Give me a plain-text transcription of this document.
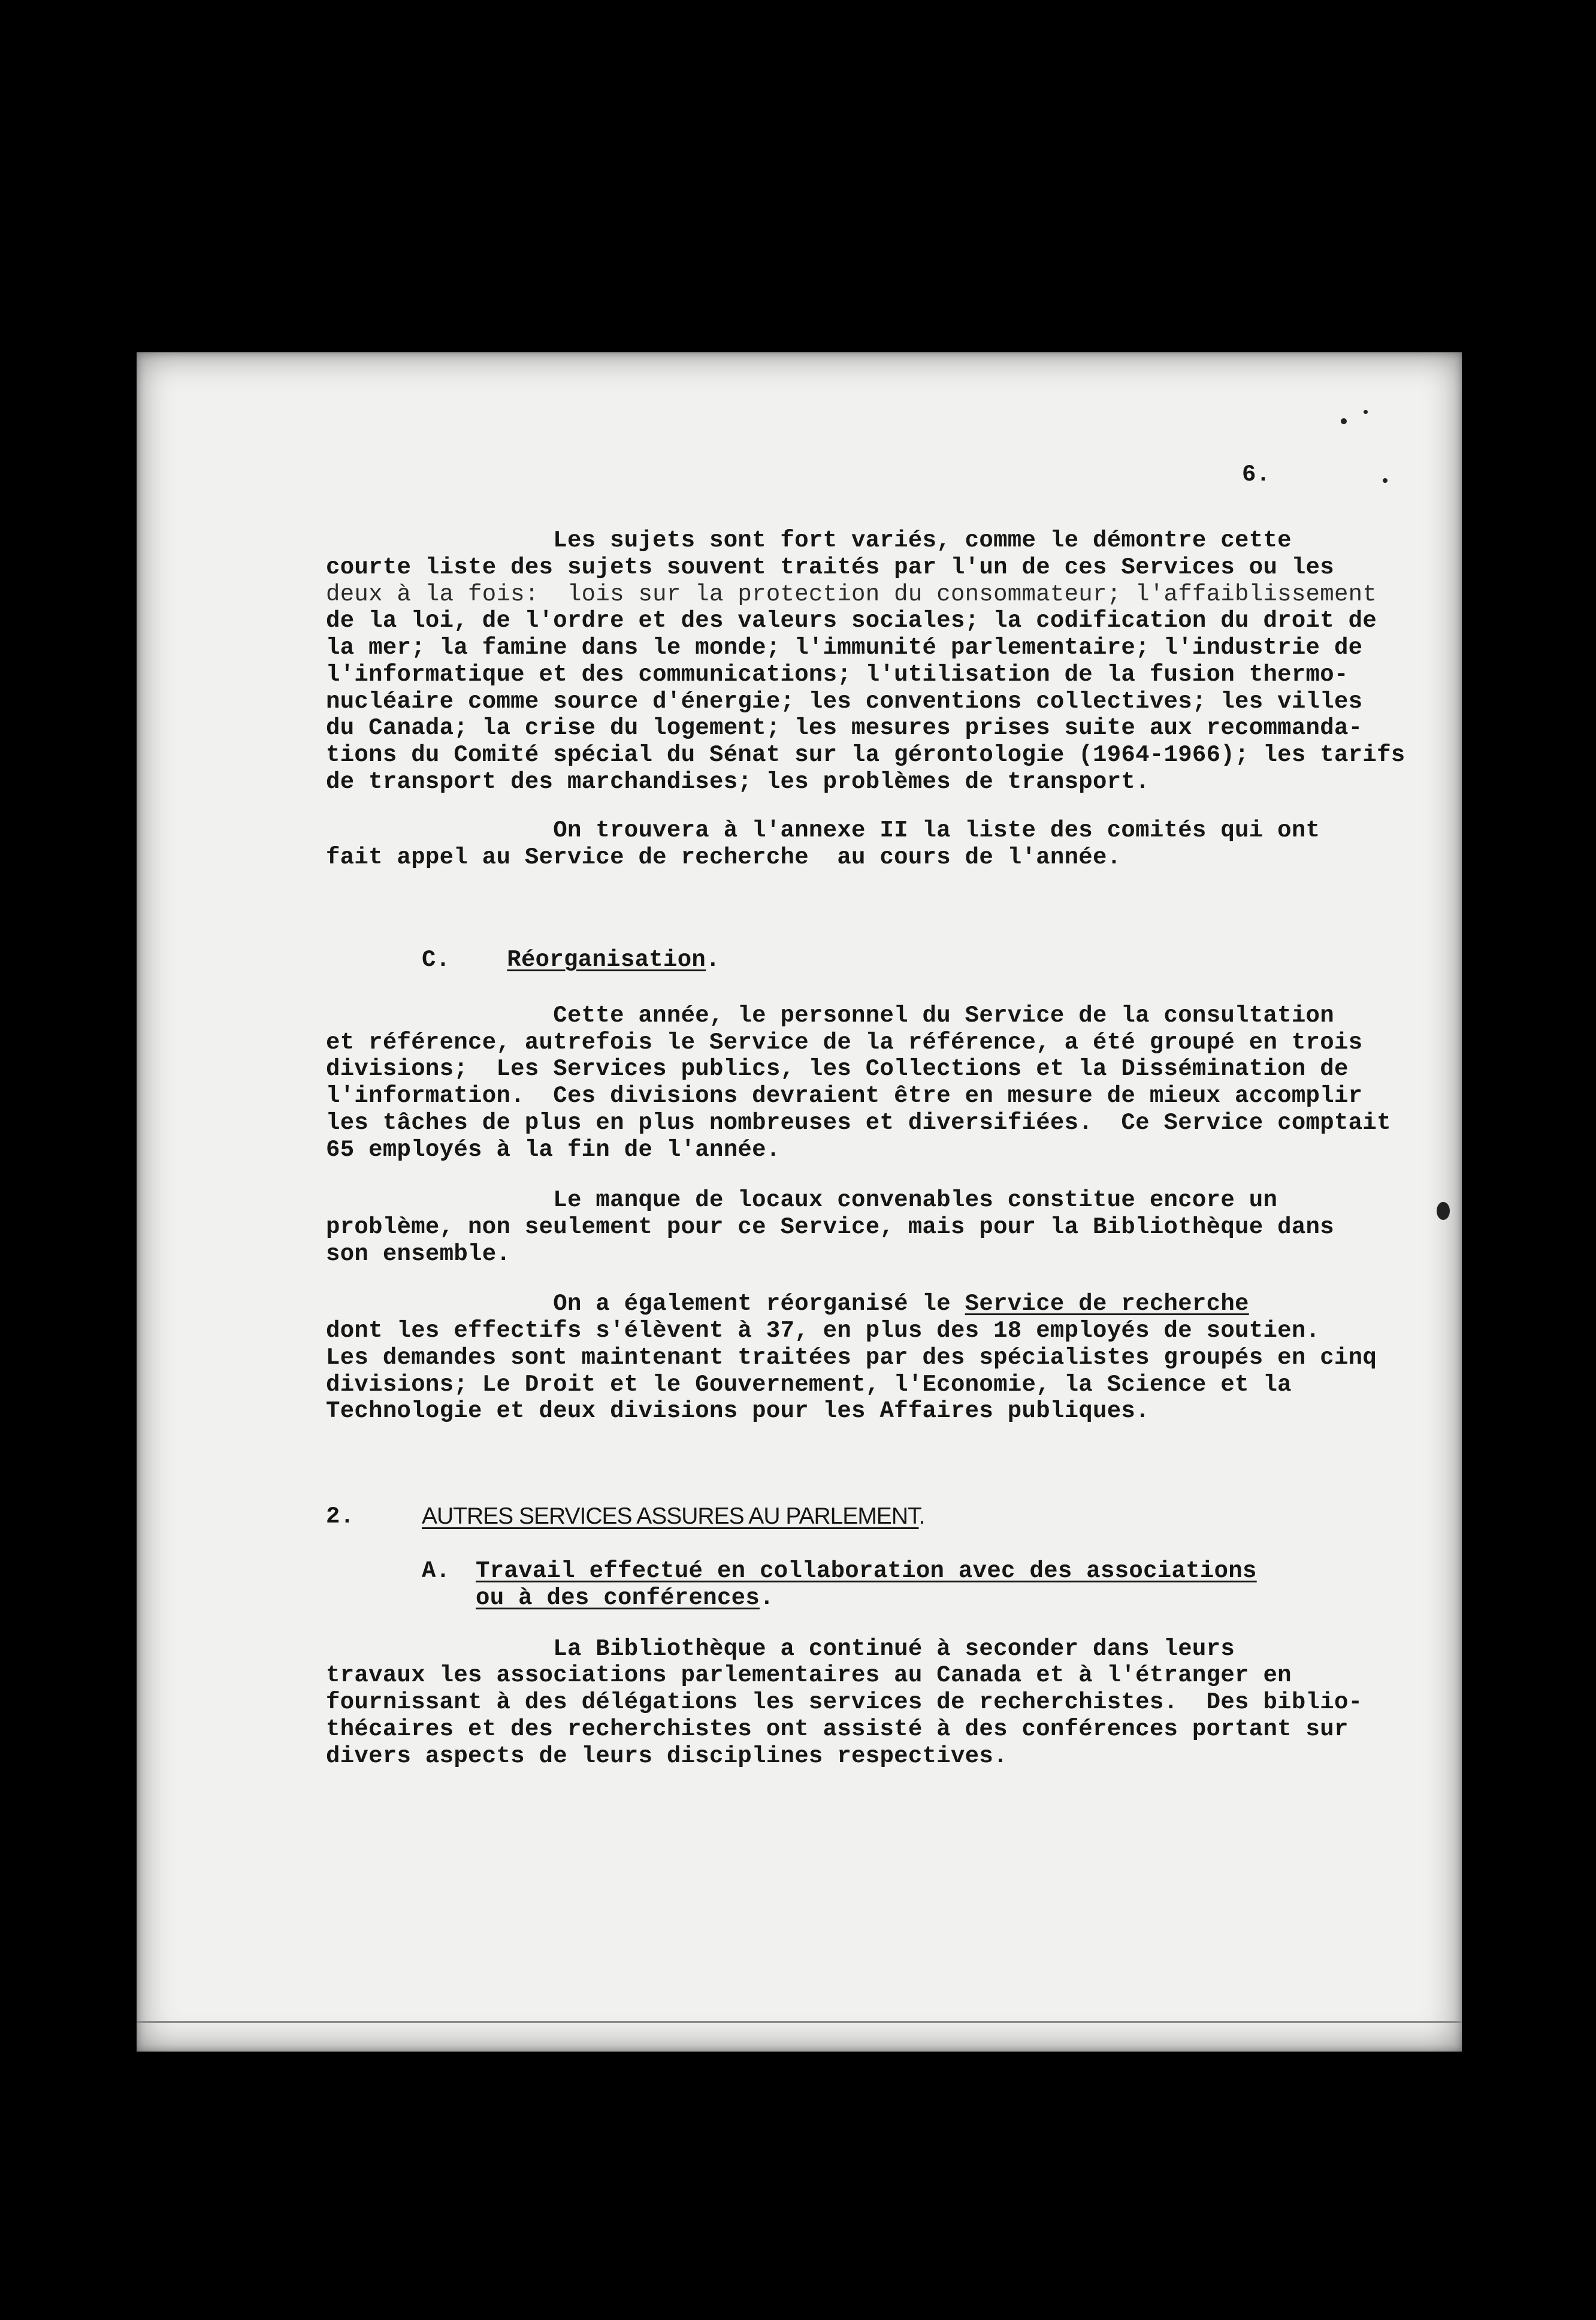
6.

Les sujets sont fort variés, comme le démontre cette

courte liste des sujets souvent traités par l'un de ces Services ou les

deux à la fois:  lois sur la protection du consommateur; l'affaiblissement

de la loi, de l'ordre et des valeurs sociales; la codification du droit de

la mer; la famine dans le monde; l'immunité parlementaire; l'industrie de

l'informatique et des communications; l'utilisation de la fusion thermo-

nucléaire comme source d'énergie; les conventions collectives; les villes

du Canada; la crise du logement; les mesures prises suite aux recommanda-

tions du Comité spécial du Sénat sur la gérontologie (1964-1966); les tarifs

de transport des marchandises; les problèmes de transport.

On trouvera à l'annexe II la liste des comités qui ont

fait appel au Service de recherche  au cours de l'année.

C. Réorganisation.

Cette année, le personnel du Service de la consultation

et référence, autrefois le Service de la référence, a été groupé en trois

divisions;  Les Services publics, les Collections et la Dissémination de

l'information.  Ces divisions devraient être en mesure de mieux accomplir

les tâches de plus en plus nombreuses et diversifiées.  Ce Service comptait

65 employés à la fin de l'année.

Le manque de locaux convenables constitue encore un

problème, non seulement pour ce Service, mais pour la Bibliothèque dans

son ensemble.

On a également réorganisé le Service de recherche

dont les effectifs s'élèvent à 37, en plus des 18 employés de soutien.

Les demandes sont maintenant traitées par des spécialistes groupés en cinq

divisions; Le Droit et le Gouvernement, l'Economie, la Science et la

Technologie et deux divisions pour les Affaires publiques.

2.	AUTRES SERVICES ASSURES AU PARLEMENT.

A. Travail effectué en collaboration avec des associations

ou à des conférences.

La Bibliothèque a continué à seconder dans leurs

travaux les associations parlementaires au Canada et à l'étranger en

fournissant à des délégations les services de recherchistes.  Des biblio-

thécaires et des recherchistes ont assisté à des conférences portant sur

divers aspects de leurs disciplines respectives.
